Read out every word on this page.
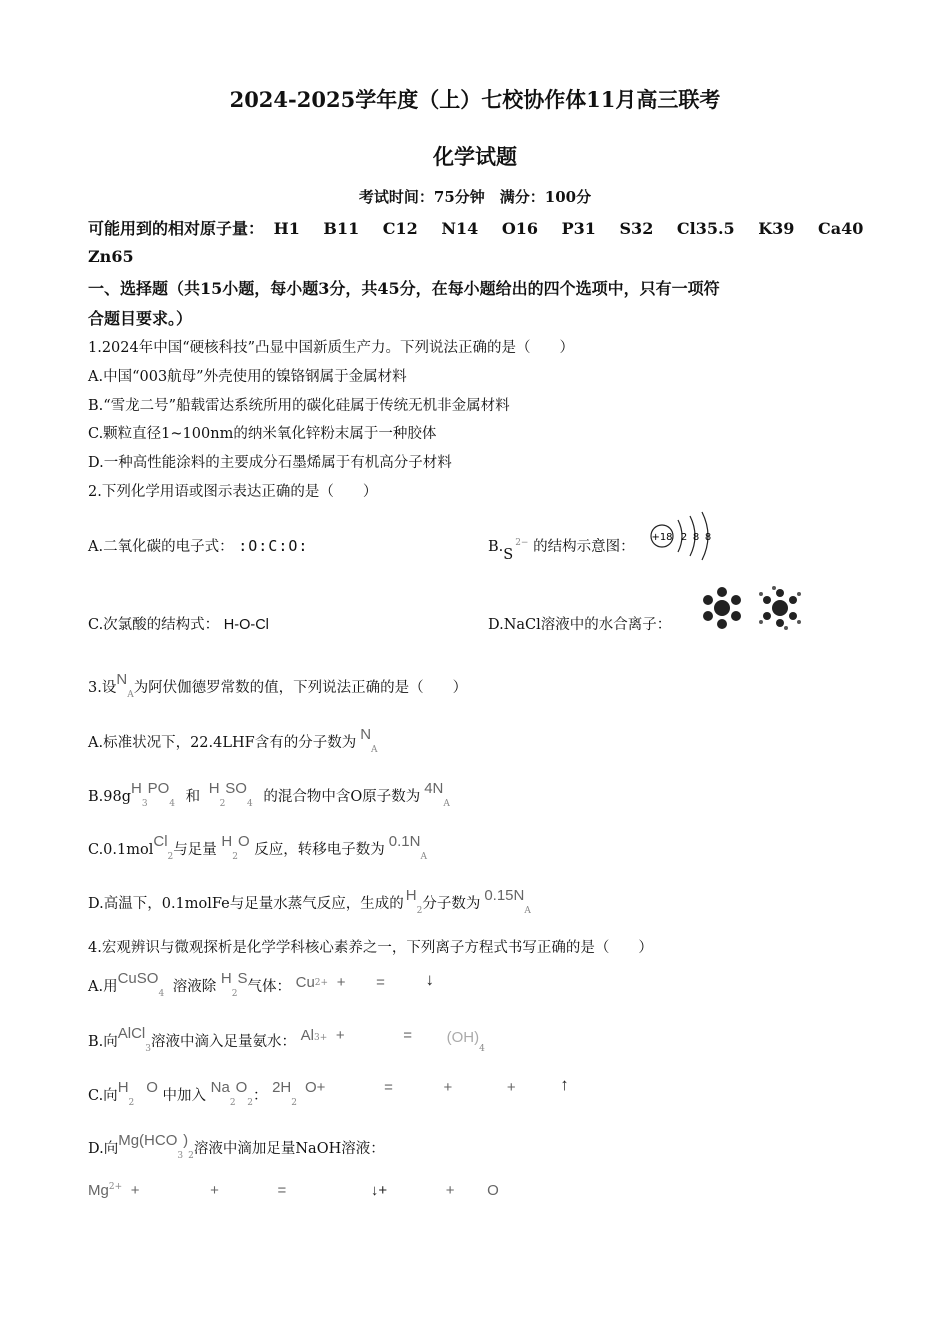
2024-2025学年度（上）七校协作体11月高三联考
化学试题
考试时间：75分钟　满分：100分
可能用到的相对原子量： H1 B11 C12 N14 O16 P31 S32 Cl35.5 K39 Ca40
Zn65
一、选择题（共15小题，每小题3分，共45分，在每小题给出的四个选项中，只有一项符
合题目要求。）
1.2024年中国“硬核科技”凸显中国新质生产力。下列说法正确的是（　　）
A.中国“003航母”外壳使用的镍铬钢属于金属材料
B.“雪龙二号”船载雷达系统所用的碳化硅属于传统无机非金属材料
C.颗粒直径1~100nm的纳米氧化锌粉末属于一种胶体
D.一种高性能涂料的主要成分石墨烯属于有机高分子材料
2.下列化学用语或图示表达正确的是（　　）
A.二氧化碳的电子式： :O:C:O:	$B.S^{2-}$ 的结构示意图：
+18 2 8 8
C.次氯酸的结构式： H-O-Cl	D.NaCl溶液中的水合离子：
3.设$N_A$为阿伏伽德罗常数的值，下列说法正确的是（　　）
A.标准状况下，22.4LHF含有的分子数为 $N_A$
$B.98gH_3PO_4$ 和 $H_2SO_4$ 的混合物中含O原子数为 $4N_A$
C.0.1molCl$_2$与足量 $H_2O$ 反应，转移电子数为 $0.1N_A$
D.高温下，0.1molFe与足量水蒸气反应，生成的 $H_2$分子数为 $0.15N_A$
4.宏观辨识与微观探析是化学学科核心素养之一，下列离子方程式书写正确的是（　　）
A.用CuSO$_4$ 溶液除 $H_2S$气体： $Cu^{2+}$ + = ↓
B.向AlCl$_3$溶液中滴入足量氨水： $Al^{3+}$ +	= $(OH)_4$
C.向$H_2O$ 中加入 $Na_2O_2$： $2H_2O+$	=	+	+	↑
D.向$Mg(HCO_3)_2$溶液中滴加足量NaOH溶液：
$Mg^{2+}$ +	+	=	↓+	+ O
